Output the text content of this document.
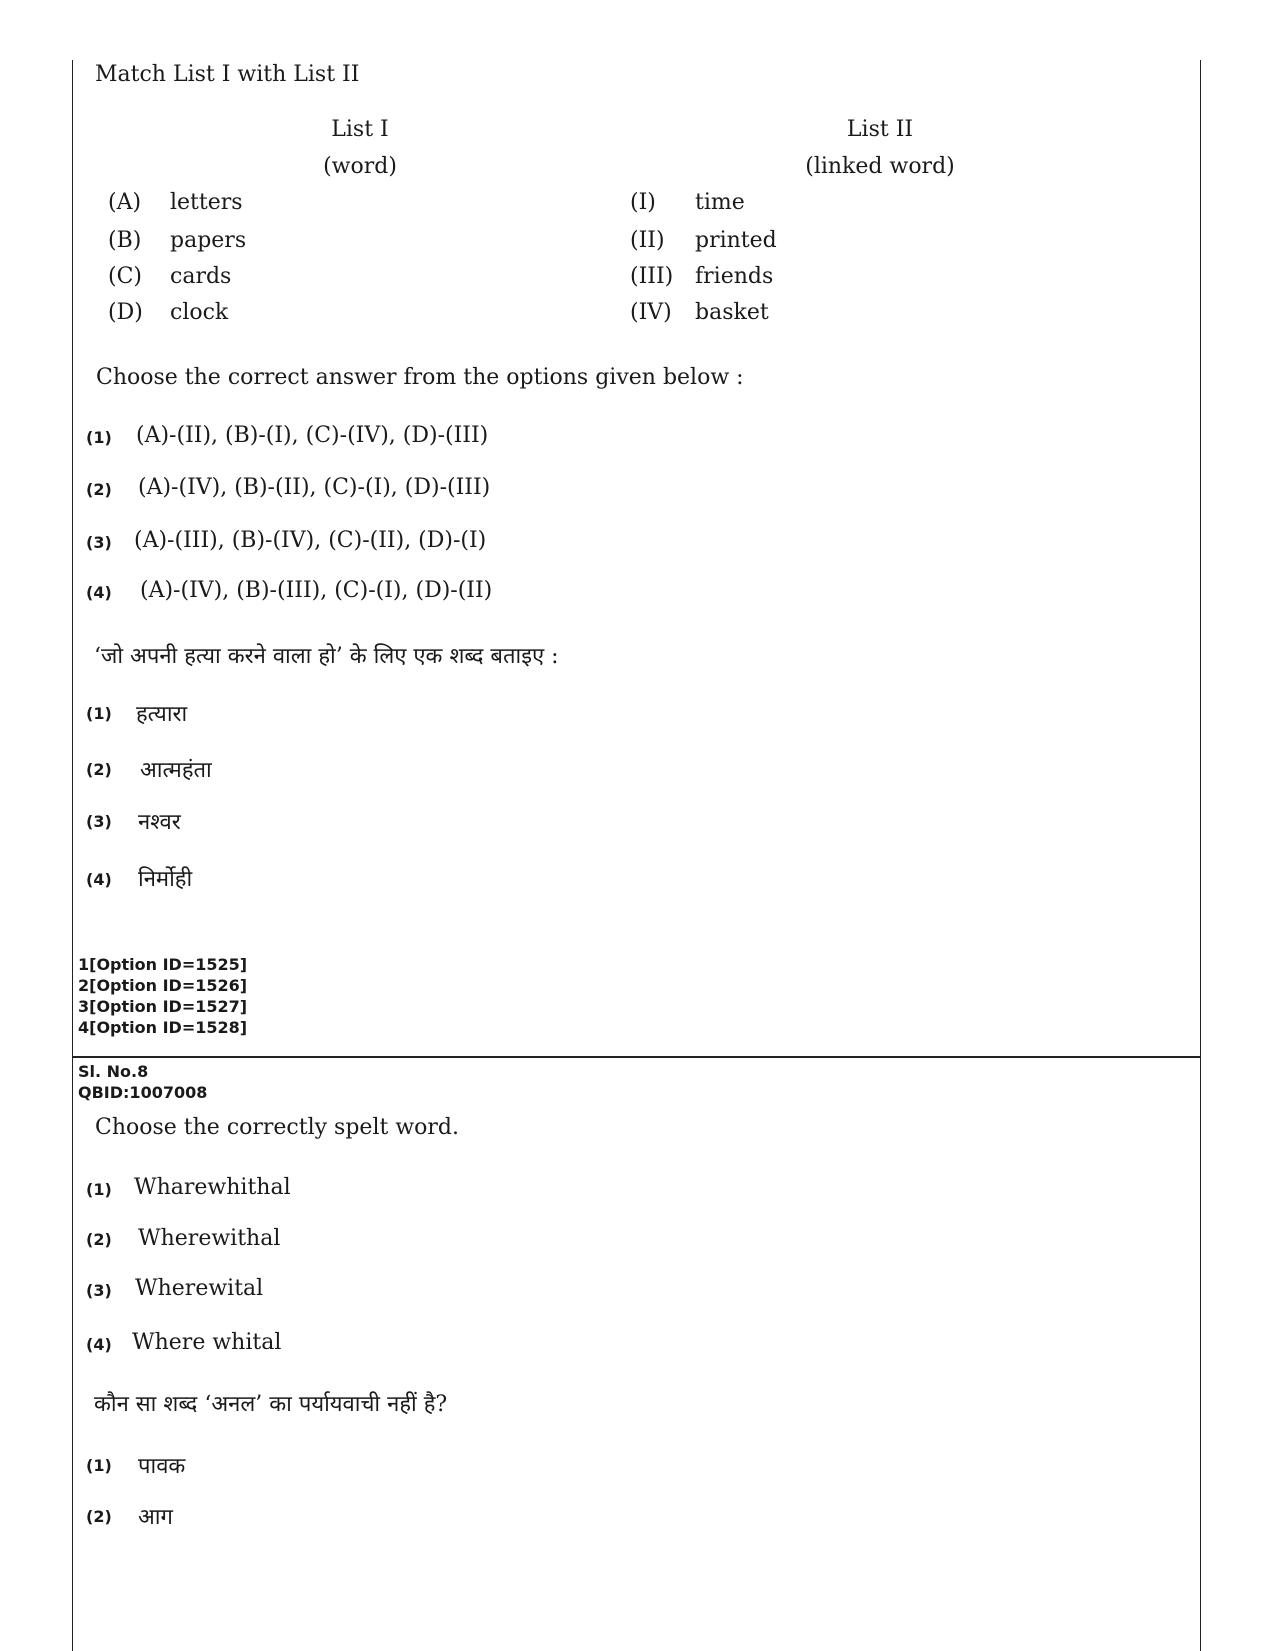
Match List I with List II
List I
(word)
List II
(linked word)
(A) letters
(B) papers
(C) cards
(D) clock
(I) time
(II) printed
(III) friends
(IV) basket
Choose the correct answer from the options given below :
(1) (A)-(II), (B)-(I), (C)-(IV), (D)-(III)
(2) (A)-(IV), (B)-(II), (C)-(I), (D)-(III)
(3) (A)-(III), (B)-(IV), (C)-(II), (D)-(I)
(4) (A)-(IV), (B)-(III), (C)-(I), (D)-(II)
‘जो अपनी हत्या करने वाला हो’ के लिए एक शब्द बताइए :
(1) हत्यारा
(2) आत्महंता
(3) नश्वर
(4) निर्मोही
1[Option ID=1525]
2[Option ID=1526]
3[Option ID=1527]
4[Option ID=1528]
Sl. No.8
QBID:1007008
Choose the correctly spelt word.
(1) Wharewhithal
(2) Wherewithal
(3) Wherewital
(4) Where whital
कौन सा शब्द ‘अनल’ का पर्यायवाची नहीं है?
(1) पावक
(2) आग
